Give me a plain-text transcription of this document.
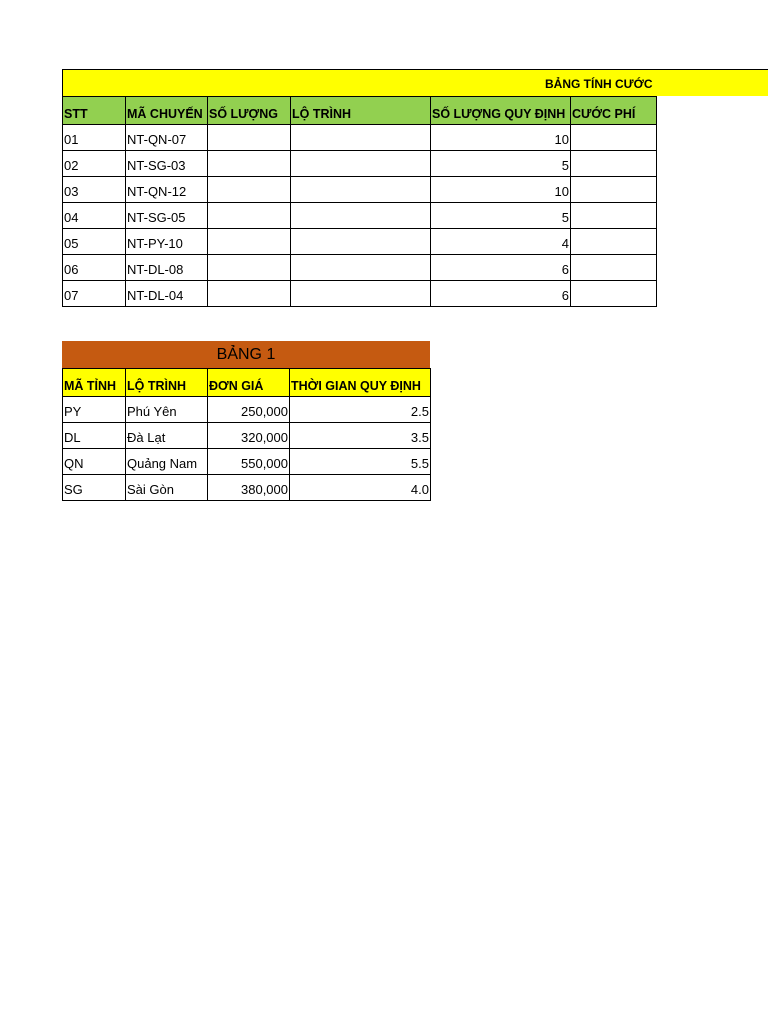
BẢNG TÍNH CƯỚC
STT	MÃ CHUYẾN	SỐ LƯỢNG	LỘ TRÌNH	SỐ LƯỢNG QUY ĐỊNH	CƯỚC PHÍ
01	NT-QN-07			10	
02	NT-SG-03			5	
03	NT-QN-12			10	
04	NT-SG-05			5	
05	NT-PY-10			4	
06	NT-DL-08			6	
07	NT-DL-04			6	
BẢNG 1
MÃ TỈNH	LỘ TRÌNH	ĐƠN GIÁ	THỜI GIAN QUY ĐỊNH
PY	Phú Yên	250,000	2.5
DL	Đà Lạt	320,000	3.5
QN	Quảng Nam	550,000	5.5
SG	Sài Gòn	380,000	4.0
